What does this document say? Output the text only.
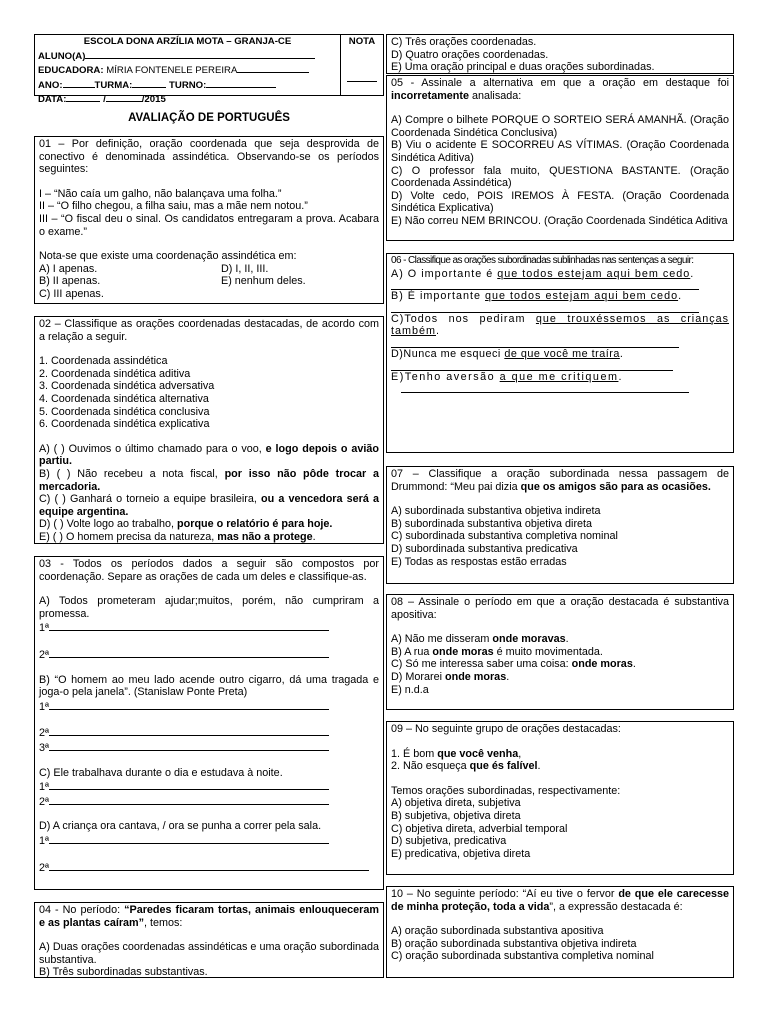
ESCOLA DONA ARZÍLIA MOTA – GRANJA-CE
ALUNO(A)
EDUCADORA: MÍRIA FONTENELE PEREIRA
ANO:	TURMA:	TURNO:
DATA:	/	/2015
NOTA
AVALIAÇÃO DE PORTUGUÊS

01 – Por definição, oração coordenada que seja desprovida de conectivo é denominada assindética. Observando-se os períodos seguintes:

I – “Não caía um galho, não balançava uma folha.”

II – “O filho chegou, a filha saiu, mas a mãe nem notou.”

III – “O fiscal deu o sinal. Os candidatos entregaram a prova. Acabara o exame.”

Nota-se que existe uma coordenação assindética em:

A) I apenas.	D) I, II, III.
B) II apenas.	E) nenhum deles.

C) III apenas.

02 – Classifique as orações coordenadas destacadas, de acordo com a relação a seguir.

1. Coordenada assindética

2. Coordenada sindética aditiva

3. Coordenada sindética adversativa

4. Coordenada sindética alternativa

5. Coordenada sindética conclusiva

6. Coordenada sindética explicativa

A) ( ) Ouvimos o último chamado para o voo, e logo depois o avião partiu.

B) ( ) Não recebeu a nota fiscal, por isso não pôde trocar a mercadoria.

C) ( ) Ganhará o torneio a equipe brasileira, ou a vencedora será a equipe argentina.

D) ( ) Volte logo ao trabalho, porque o relatório é para hoje.

E) ( ) O homem precisa da natureza, mas não a protege.

03 - Todos os períodos dados a seguir são compostos por coordenação. Separe as orações de cada um deles e classifique-as.

A) Todos prometeram ajudar;muitos, porém, não cumpriram a promessa.

1ª

2ª

B) “O homem ao meu lado acende outro cigarro, dá uma tragada e joga-o pela janela”. (Stanislaw Ponte Preta)

1ª

2ª

3ª

C) Ele trabalhava durante o dia e estudava à noite.

1ª

2ª

D) A criança ora cantava, / ora se punha a correr pela sala.

1ª

2ª

04 - No período: “Paredes ficaram tortas, animais enlouqueceram e as plantas caíram”, temos:

A) Duas orações coordenadas assindéticas e uma oração subordinada substantiva.

B) Três subordinadas substantivas.

C) Três orações coordenadas.

D) Quatro orações coordenadas.

E) Uma oração principal e duas orações subordinadas.

05 - Assinale a alternativa em que a oração em destaque foi incorretamente analisada:

A) Compre o bilhete PORQUE O SORTEIO SERÁ AMANHÃ. (Oração Coordenada Sindética Conclusiva)

B) Viu o acidente E SOCORREU AS VÍTIMAS. (Oração Coordenada Sindética Aditiva)

C) O professor fala muito, QUESTIONA BASTANTE. (Oração Coordenada Assindética)

D) Volte cedo, POIS IREMOS À FESTA. (Oração Coordenada Sindética Explicativa)

E) Não correu NEM BRINCOU. (Oração Coordenada Sindética Aditiva

06 - Classifique as orações subordinadas sublinhadas nas sentenças a seguir:

A) O importante é que todos estejam aqui bem cedo.

B) É importante que todos estejam aqui bem cedo.

C)Todos nos pediram que trouxéssemos as crianças também.

D)Nunca me esqueci de que você me traíra.

E)Tenho aversão a que me critiquem.

07 – Classifique a oração subordinada nessa passagem de Drummond: “Meu pai dizia que os amigos são para as ocasiões.

A) subordinada substantiva objetiva indireta

B) subordinada substantiva objetiva direta

C) subordinada substantiva completiva nominal

D) subordinada substantiva predicativa

E) Todas as respostas estão erradas

08 – Assinale o período em que a oração destacada é substantiva apositiva:

A) Não me disseram onde moravas.

B) A rua onde moras é muito movimentada.

C) Só me interessa saber uma coisa: onde moras.

D) Morarei onde moras.

E) n.d.a

09 – No seguinte grupo de orações destacadas:

1. É bom que você venha,

2. Não esqueça que és falível.

Temos orações subordinadas, respectivamente:

A) objetiva direta, subjetiva

B) subjetiva, objetiva direta

C) objetiva direta, adverbial temporal

D) subjetiva, predicativa

E) predicativa, objetiva direta

10 – No seguinte período: “Aí eu tive o fervor de que ele carecesse de minha proteção, toda a vida”, a expressão destacada é:

A) oração subordinada substantiva apositiva

B) oração subordinada substantiva objetiva indireta

C) oração subordinada substantiva completiva nominal
